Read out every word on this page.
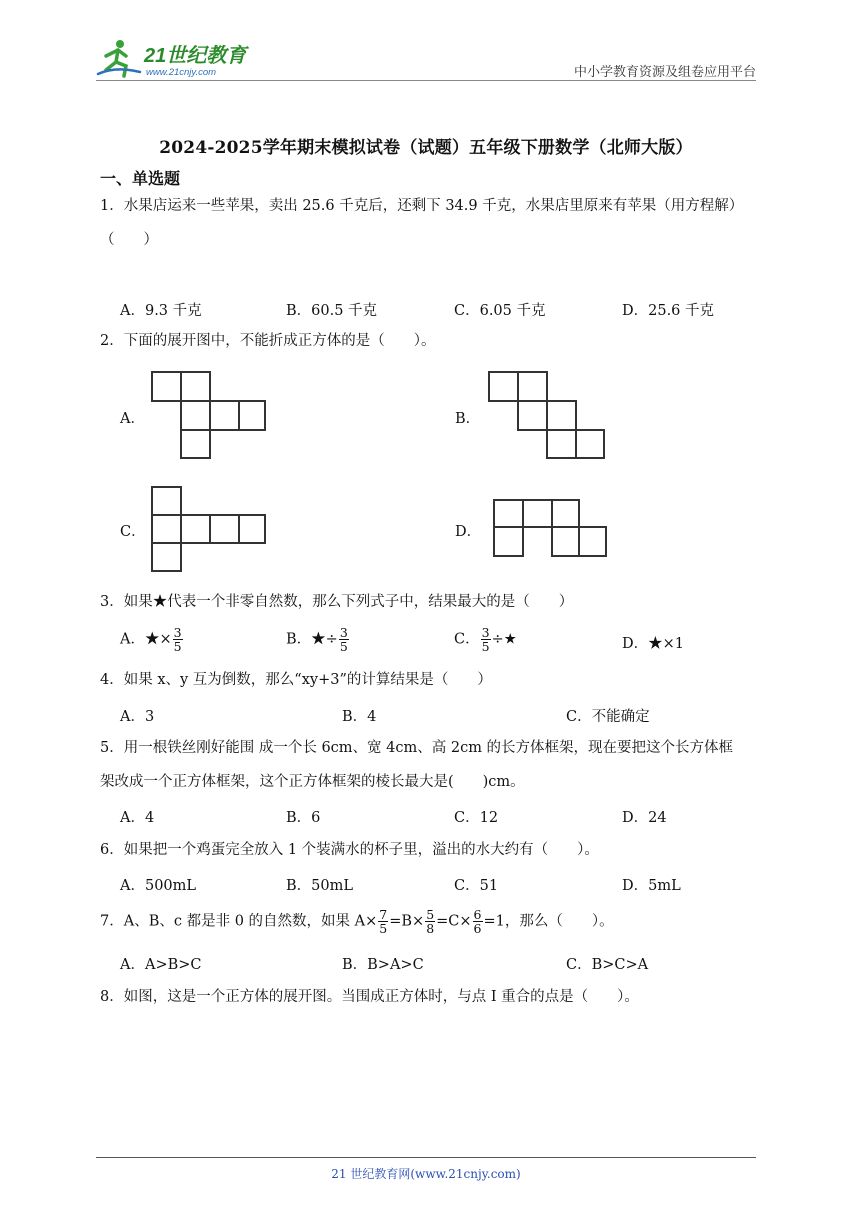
21世纪教育
www.21cnjy.com	中小学教育资源及组卷应用平台
2024-2025学年期末模拟试卷（试题）五年级下册数学（北师大版）
一、单选题
1．水果店运来一些苹果，卖出 25.6 千克后，还剩下 34.9 千克，水果店里原来有苹果（用方程解）
（　　）
A．9.3 千克	B．60.5 千克	C．6.05 千克	D．25.6 千克
2．下面的展开图中，不能折成正方体的是（　　）。
A．	B．
C．	D．
3．如果★代表一个非零自然数，那么下列式子中，结果最大的是（　　）
A．★× $\frac{3}{5}$	B．★÷ $\frac{3}{5}$	C． $\frac{3}{5}$ ÷★	D．★×1
4．如果 x、y 互为倒数，那么“xy+3”的计算结果是（　　）
A．3	B．4	C．不能确定
5．用一根铁丝刚好能围 成一个长 6cm、宽 4cm、高 2cm 的长方体框架，现在要把这个长方体框
架改成一个正方体框架，这个正方体框架的棱长最大是(　　)cm。
A．4	B．6	C．12	D．24
6．如果把一个鸡蛋完全放入 1 个装满水的杯子里，溢出的水大约有（　　）。
A．500mL	B．50mL	C．51	D．5mL
7．A、B、c 都是非 0 的自然数，如果 $A\times \frac{7}{5} =B\times \frac{5}{8} =C\times \frac{6}{6} =1$，那么（　　）。
A．A>B>C	B．B>A>C	C．B>C>A
8．如图，这是一个正方体的展开图。当围成正方体时，与点 I 重合的点是（　　）。
21 世纪教育网(www.21cnjy.com)
